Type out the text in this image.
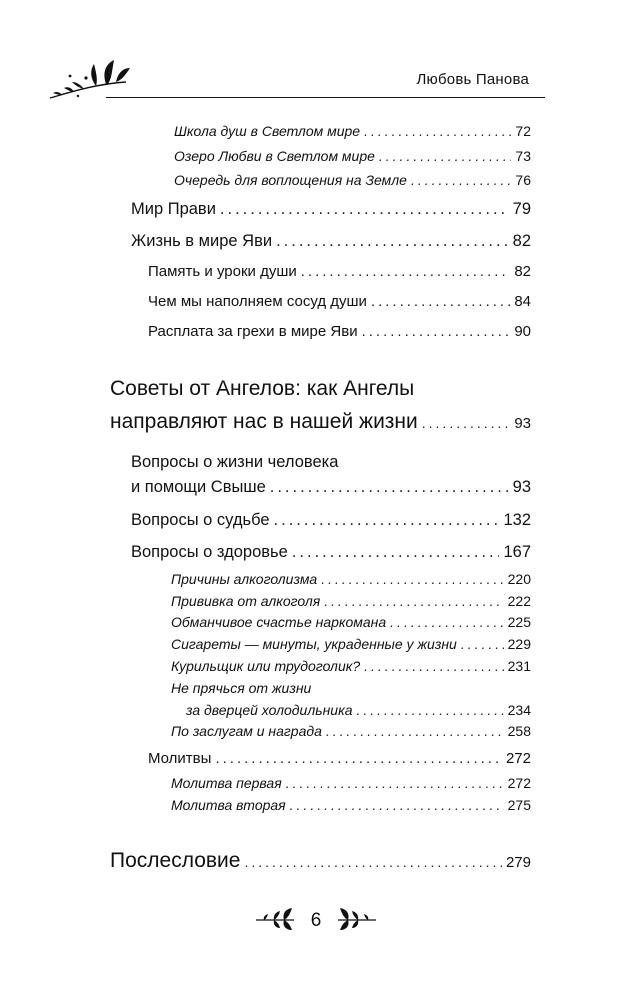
Любовь Панова
Школа душ в Светлом мире .....	72
Озеро Любви в Светлом мире .....	73
Очередь для воплощения на Земле .....	76
Мир Прави .....	79
Жизнь в мире Яви .....	82
Память и уроки души .....	82
Чем мы наполняем сосуд души .....	84
Расплата за грехи в мире Яви .....	90
Советы от Ангелов: как Ангелы
направляют нас в нашей жизни .....	93
Вопросы о жизни человека
и помощи Свыше .....	93
Вопросы о судьбе .....	132
Вопросы о здоровье .....	167
Причины алкоголизма .....	220
Прививка от алкоголя .....	222
Обманчивое счастье наркомана .....	225
Сигареты — минуты, украденные у жизни .....	229
Курильщик или трудоголик? .....	231
Не прячься от жизни
за дверцей холодильника .....	234
По заслугам и награда .....	258
Молитвы .....	272
Молитва первая .....	272
Молитва вторая .....	275
Послесловие .....	279
6
